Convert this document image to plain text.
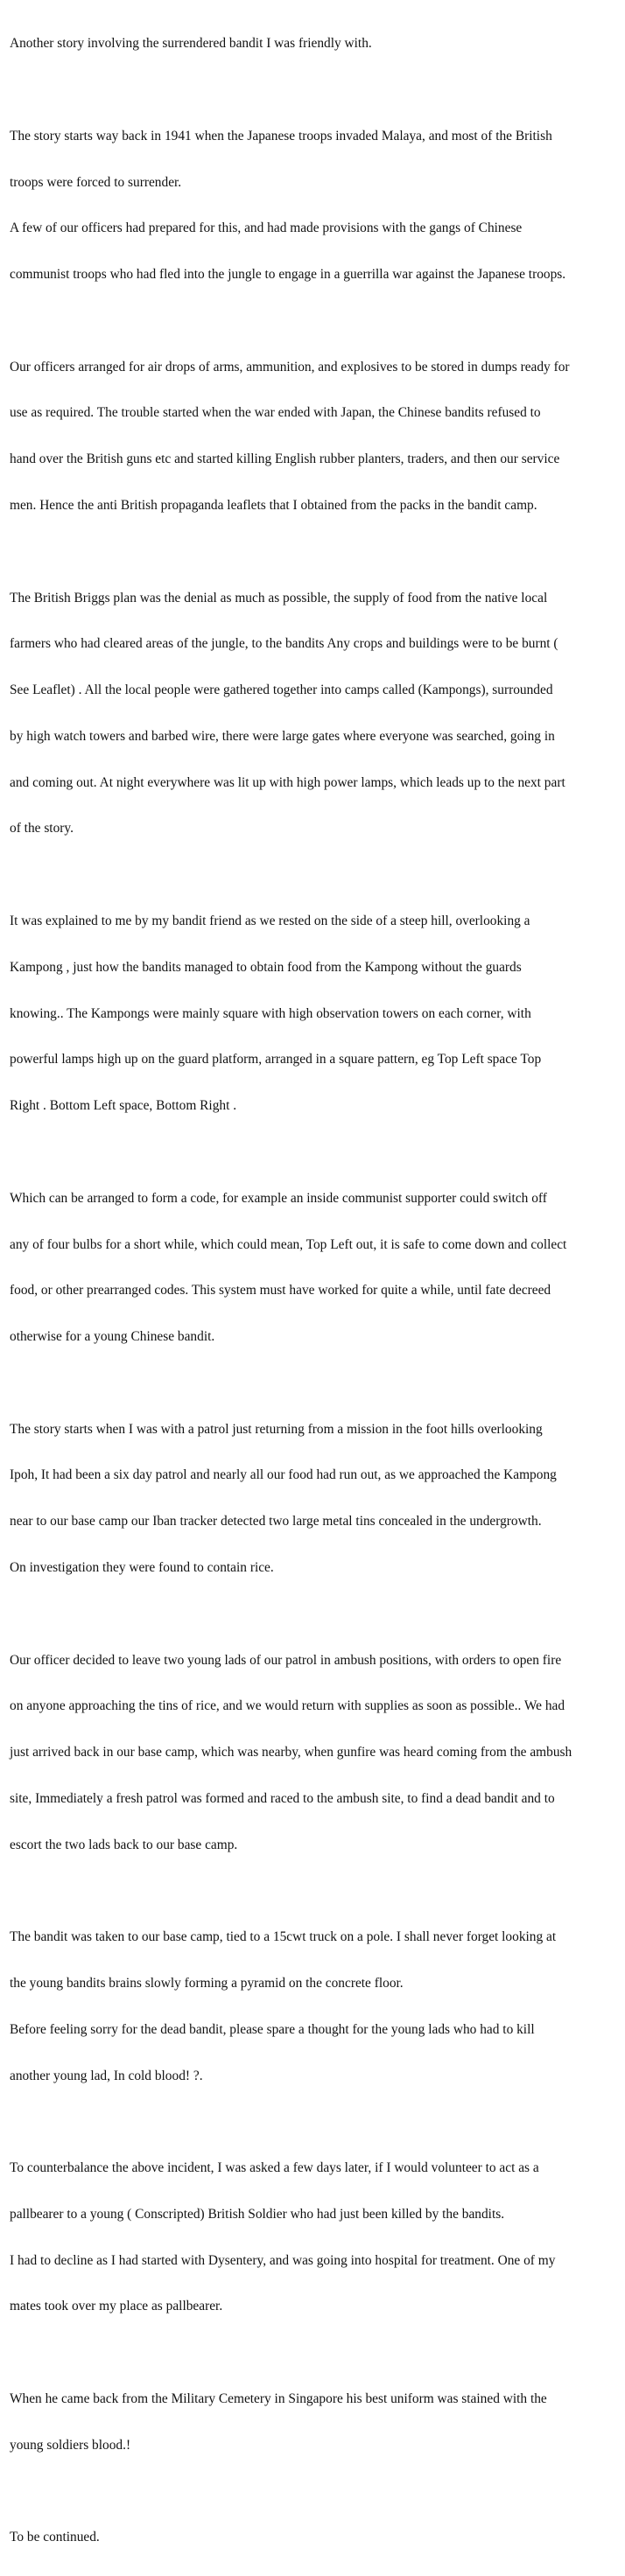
Another story involving the surrendered bandit I was friendly with.

The story starts way back in 1941 when the Japanese troops invaded Malaya, and most of the British

troops were forced to surrender.

A few of our officers had prepared for this, and had made provisions with the gangs of Chinese

communist troops who had fled into the jungle to engage in a guerrilla war against the Japanese troops.

Our officers arranged for air drops of arms, ammunition, and explosives to be stored in dumps ready for

use as required. The trouble started when the war ended with Japan, the Chinese bandits refused to

hand over the British guns etc and started killing English rubber planters, traders, and then our service

men. Hence the anti British propaganda leaflets that I obtained from the packs in the bandit camp.

The British Briggs plan was the denial as much as possible, the supply of food from the native local

farmers who had cleared areas of the jungle, to the bandits Any crops and buildings were to be burnt (

See Leaflet) . All the local people were gathered together into camps called (Kampongs), surrounded

by high watch towers and barbed wire, there were large gates where everyone was searched, going in

and coming out. At night everywhere was lit up with high power lamps, which leads up to the next part

of the story.

It was explained to me by my bandit friend as we rested on the side of a steep hill, overlooking a

Kampong , just how the bandits managed to obtain food from the Kampong without the guards

knowing.. The Kampongs were mainly square with high observation towers on each corner, with

powerful lamps high up on the guard platform, arranged in a square pattern, eg Top Left space Top

Right . Bottom Left space, Bottom Right .

Which can be arranged to form a code, for example an inside communist supporter could switch off

any of four bulbs for a short while, which could mean, Top Left out, it is safe to come down and collect

food, or other prearranged codes. This system must have worked for quite a while, until fate decreed

otherwise for a young Chinese bandit.

The story starts when I was with a patrol just returning from a mission in the foot hills overlooking

Ipoh, It had been a six day patrol and nearly all our food had run out, as we approached the Kampong

near to our base camp our Iban tracker detected two large metal tins concealed in the undergrowth.

On investigation they were found to contain rice.

Our officer decided to leave two young lads of our patrol in ambush positions, with orders to open fire

on anyone approaching the tins of rice, and we would return with supplies as soon as possible.. We had

just arrived back in our base camp, which was nearby, when gunfire was heard coming from the ambush

site, Immediately a fresh patrol was formed and raced to the ambush site, to find a dead bandit and to

escort the two lads back to our base camp.

The bandit was taken to our base camp, tied to a 15cwt truck on a pole. I shall never forget looking at

the young bandits brains slowly forming a pyramid on the concrete floor.

Before feeling sorry for the dead bandit, please spare a thought for the young lads who had to kill

another young lad, In cold blood! ?.

To counterbalance the above incident, I was asked a few days later, if I would volunteer to act as a

pallbearer to a young ( Conscripted) British Soldier who had just been killed by the bandits.

I had to decline as I had started with Dysentery, and was going into hospital for treatment. One of my

mates took over my place as pallbearer.

When he came back from the Military Cemetery in Singapore his best uniform was stained with the

young soldiers blood.!

To be continued.
